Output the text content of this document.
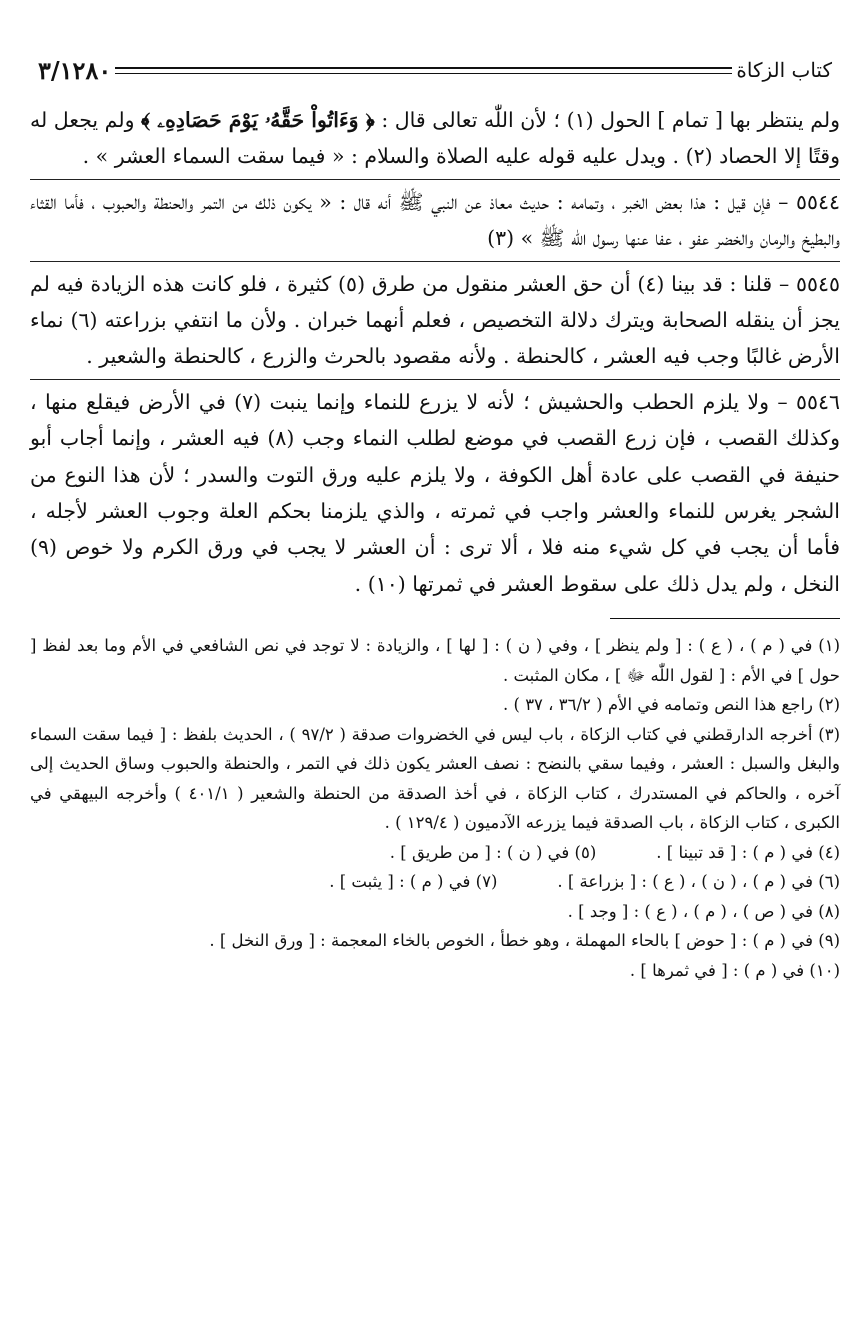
كتاب الزكاة
٣/١٢٨٠

ولم ينتظر بها [ تمام ] الحول (١) ؛ لأن اللّٰه تعالى قال : ﴿ وَءَاتُواْ حَقَّهُۥ يَوْمَ حَصَادِهِۦ ﴾ ولم يجعل له وقتًا إلا الحصاد (٢) . ويدل عليه قوله عليه الصلاة والسلام : « فيما سقت السماء العشر » .

٥٥٤٤ – فإن قيل : هذا بعض الخبر ، وتمامه : حديث معاذ عن النبي ﷺ أنه قال : « يكون ذلك من التمر والحنطة والحبوب ، فأما القثاء والبطيخ والرمان والخضر عفو ، عفا عنها رسول اللّٰه ﷺ » (٣)

٥٥٤٥ – قلنا : قد بينا (٤) أن حق العشر منقول من طرق (٥) كثيرة ، فلو كانت هذه الزيادة فيه لم يجز أن ينقله الصحابة ويترك دلالة التخصيص ، فعلم أنهما خبران . ولأن ما انتفي بزراعته (٦) نماء الأرض غالبًا وجب فيه العشر ، كالحنطة . ولأنه مقصود بالحرث والزرع ، كالحنطة والشعير .

٥٥٤٦ – ولا يلزم الحطب والحشيش ؛ لأنه لا يزرع للنماء وإنما ينبت (٧) في الأرض فيقلع منها ، وكذلك القصب ، فإن زرع القصب في موضع لطلب النماء وجب (٨) فيه العشر ، وإنما أجاب أبو حنيفة في القصب على عادة أهل الكوفة ، ولا يلزم عليه ورق التوت والسدر ؛ لأن هذا النوع من الشجر يغرس للنماء والعشر واجب في ثمرته ، والذي يلزمنا بحكم العلة وجوب العشر لأجله ، فأما أن يجب في كل شيء منه فلا ، ألا ترى : أن العشر لا يجب في ورق الكرم ولا خوص (٩) النخل ، ولم يدل ذلك على سقوط العشر في ثمرتها (١٠) .

(١) في ( م ) ، ( ع ) : [ ولم ينظر ] ، وفي ( ن ) : [ لها ] ، والزيادة : لا توجد في نص الشافعي في الأم وما بعد لفظ [ حول ] في الأم : [ لقول اللّٰه ﷻ ] ، مكان المثبت .

(٢) راجع هذا النص وتمامه في الأم ( ٣٦/٢ ، ٣٧ ) .

(٣) أخرجه الدارقطني في كتاب الزكاة ، باب ليس في الخضروات صدقة ( ٩٧/٢ ) ، الحديث بلفظ : [ فيما سقت السماء والبغل والسبل : العشر ، وفيما سقي بالنضح : نصف العشر يكون ذلك في التمر ، والحنطة والحبوب وساق الحديث إلى آخره ، والحاكم في المستدرك ، كتاب الزكاة ، في أخذ الصدقة من الحنطة والشعير ( ٤٠١/١ ) وأخرجه البيهقي في الكبرى ، كتاب الزكاة ، باب الصدقة فيما يزرعه الآدميون ( ١٢٩/٤ ) .

(٤) في ( م ) : [ قد تبينا ] .
(٥) في ( ن ) : [ من طريق ] .
(٦) في ( م ) ، ( ن ) ، ( ع ) : [ بزراعة ] .
(٧) في ( م ) : [ يثبت ] .

(٨) في ( ص ) ، ( م ) ، ( ع ) : [ وجد ] .

(٩) في ( م ) : [ حوض ] بالحاء المهملة ، وهو خطأ ، الخوص بالخاء المعجمة : [ ورق النخل ] .

(١٠) في ( م ) : [ في ثمرها ] .
